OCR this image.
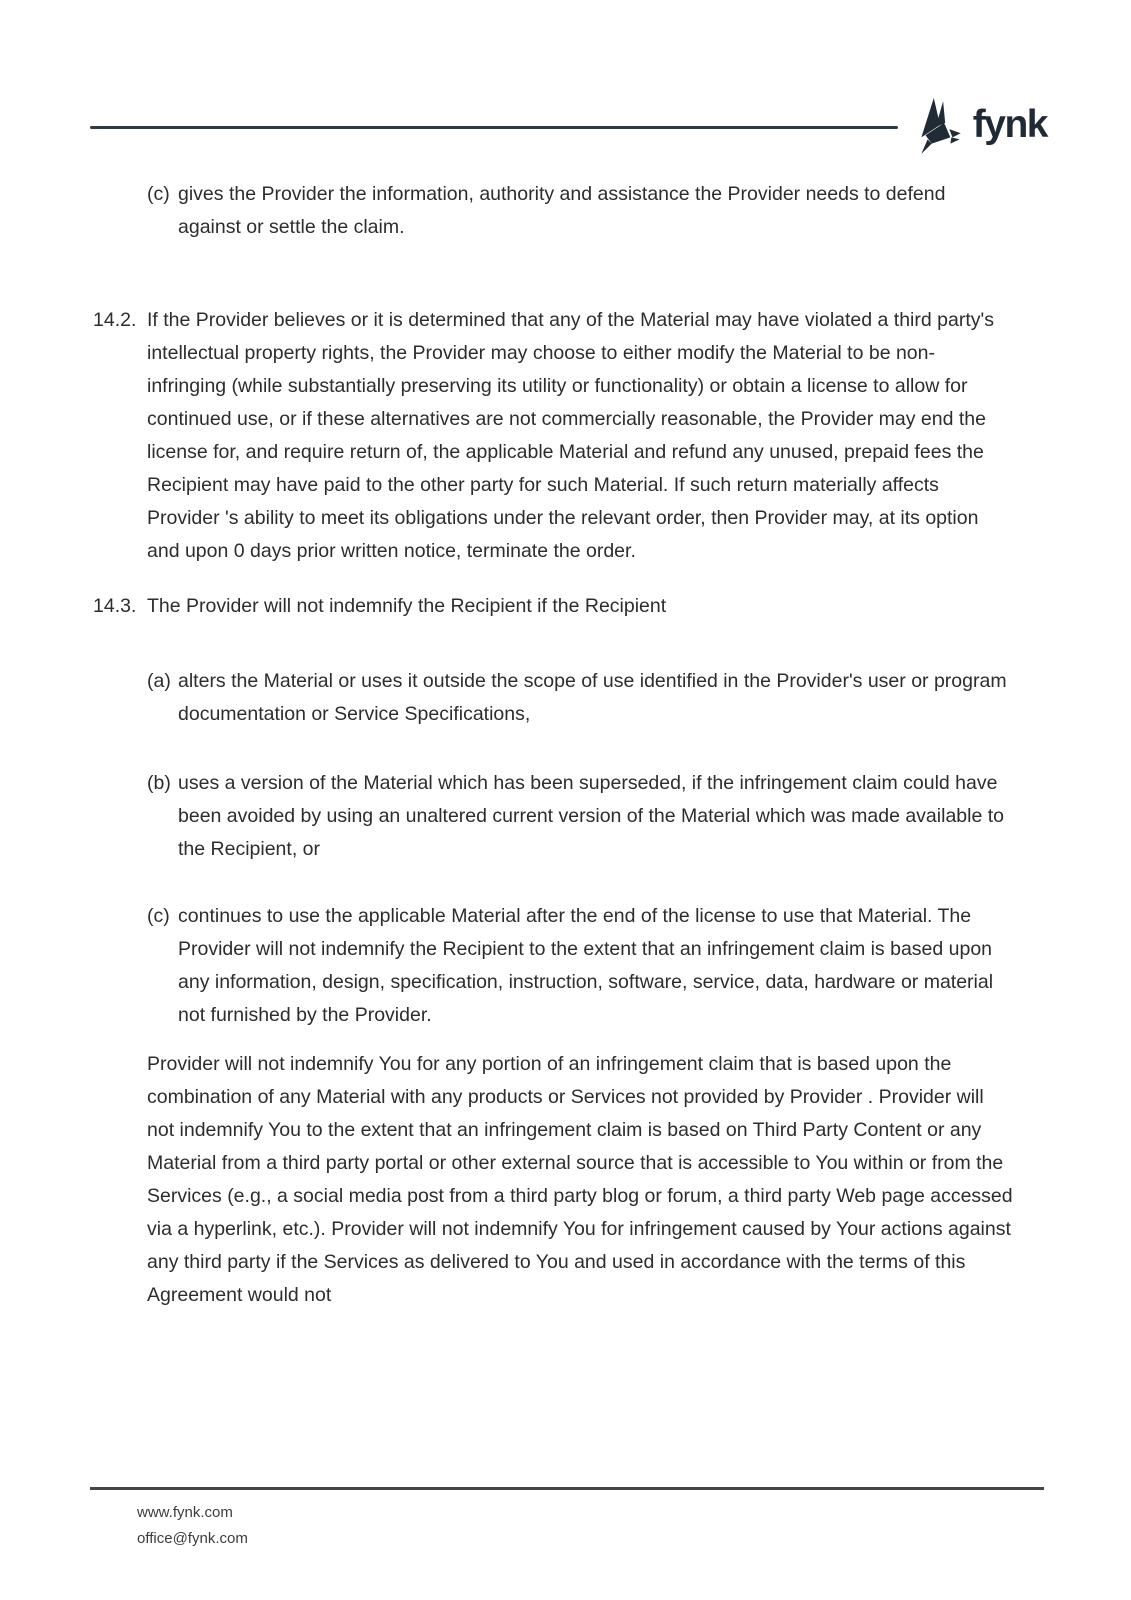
fynk
(c) gives the Provider the information, authority and assistance the Provider needs to defend against or settle the claim.
14.2. If the Provider believes or it is determined that any of the Material may have violated a third party's intellectual property rights, the Provider may choose to either modify the Material to be non-infringing (while substantially preserving its utility or functionality) or obtain a license to allow for continued use, or if these alternatives are not commercially reasonable, the Provider may end the license for, and require return of, the applicable Material and refund any unused, prepaid fees the Recipient may have paid to the other party for such Material. If such return materially affects Provider 's ability to meet its obligations under the relevant order, then Provider may, at its option and upon 0 days prior written notice, terminate the order.

14.3. The Provider will not indemnify the Recipient if the Recipient

(a) alters the Material or uses it outside the scope of use identified in the Provider's user or program documentation or Service Specifications,
(b) uses a version of the Material which has been superseded, if the infringement claim could have been avoided by using an unaltered current version of the Material which was made available to the Recipient, or
(c) continues to use the applicable Material after the end of the license to use that Material. The Provider will not indemnify the Recipient to the extent that an infringement claim is based upon any information, design, specification, instruction, software, service, data, hardware or material not furnished by the Provider.

Provider will not indemnify You for any portion of an infringement claim that is based upon the combination of any Material with any products or Services not provided by Provider . Provider will not indemnify You to the extent that an infringement claim is based on Third Party Content or any Material from a third party portal or other external source that is accessible to You within or from the Services (e.g., a social media post from a third party blog or forum, a third party Web page accessed via a hyperlink, etc.). Provider will not indemnify You for infringement caused by Your actions against any third party if the Services as delivered to You and used in accordance with the terms of this Agreement would not

www.fynk.com
office@fynk.com
